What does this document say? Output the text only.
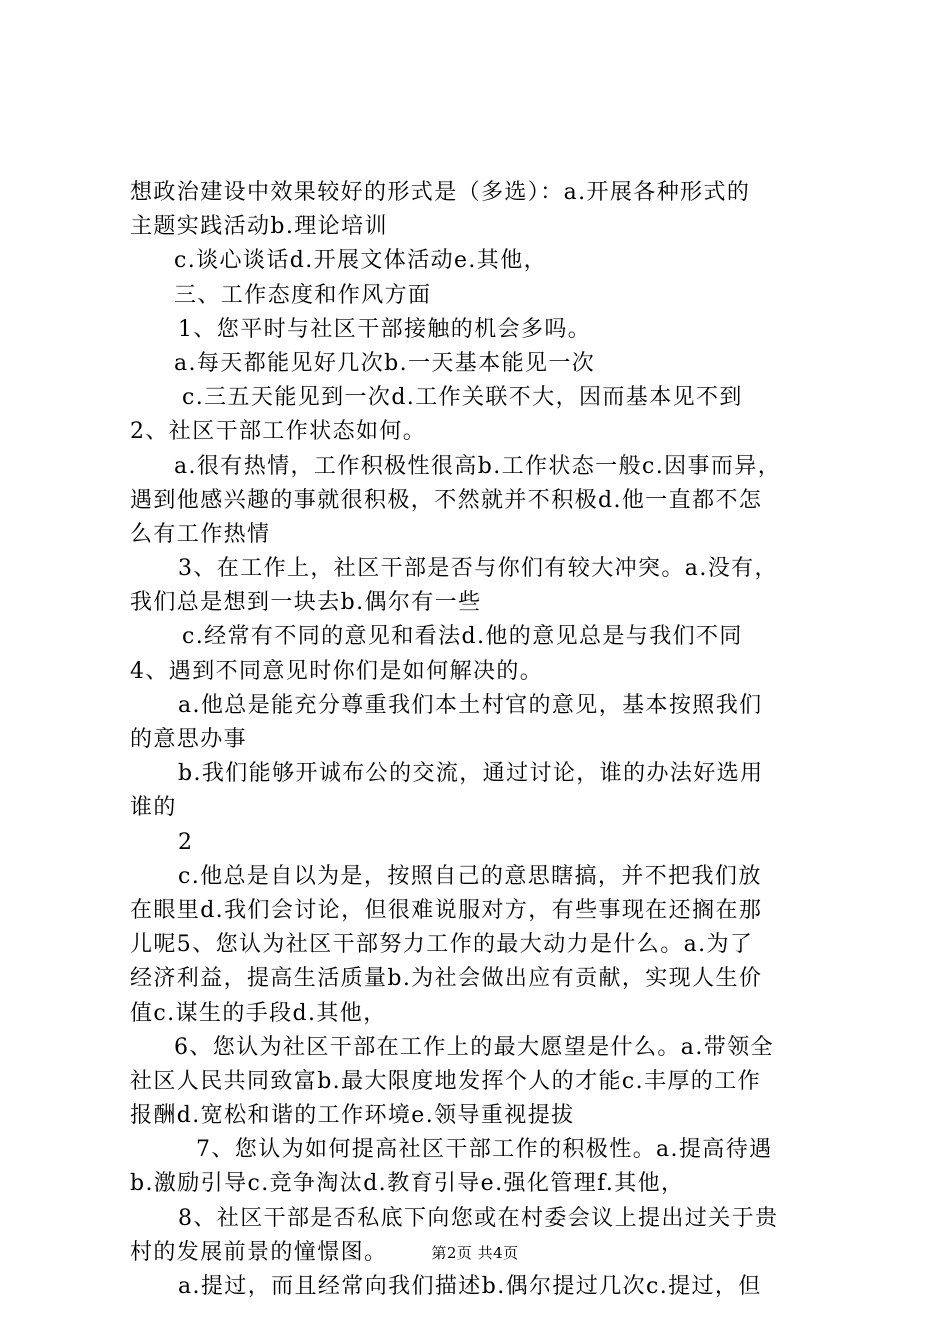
想政治建设中效果较好的形式是（多选）：a.开展各种形式的
主题实践活动b.理论培训
c.谈心谈话d.开展文体活动e.其他，
三、工作态度和作风方面
1、您平时与社区干部接触的机会多吗。
a.每天都能见好几次b.一天基本能见一次
c.三五天能见到一次d.工作关联不大，因而基本见不到
2、社区干部工作状态如何。
a.很有热情，工作积极性很高b.工作状态一般c.因事而异，
遇到他感兴趣的事就很积极，不然就并不积极d.他一直都不怎
么有工作热情
3、在工作上，社区干部是否与你们有较大冲突。a.没有，
我们总是想到一块去b.偶尔有一些
c.经常有不同的意见和看法d.他的意见总是与我们不同
4、遇到不同意见时你们是如何解决的。
a.他总是能充分尊重我们本土村官的意见，基本按照我们
的意思办事
b.我们能够开诚布公的交流，通过讨论，谁的办法好选用
谁的
2
c.他总是自以为是，按照自己的意思瞎搞，并不把我们放
在眼里d.我们会讨论，但很难说服对方，有些事现在还搁在那
儿呢5、您认为社区干部努力工作的最大动力是什么。a.为了
经济利益，提高生活质量b.为社会做出应有贡献，实现人生价
值c.谋生的手段d.其他，
6、您认为社区干部在工作上的最大愿望是什么。a.带领全
社区人民共同致富b.最大限度地发挥个人的才能c.丰厚的工作
报酬d.宽松和谐的工作环境e.领导重视提拔
7、您认为如何提高社区干部工作的积极性。a.提高待遇
b.激励引导c.竞争淘汰d.教育引导e.强化管理f.其他，
8、社区干部是否私底下向您或在村委会议上提出过关于贵
村的发展前景的憧憬图。
a.提过，而且经常向我们描述b.偶尔提过几次c.提过，但
第2页 共4页
